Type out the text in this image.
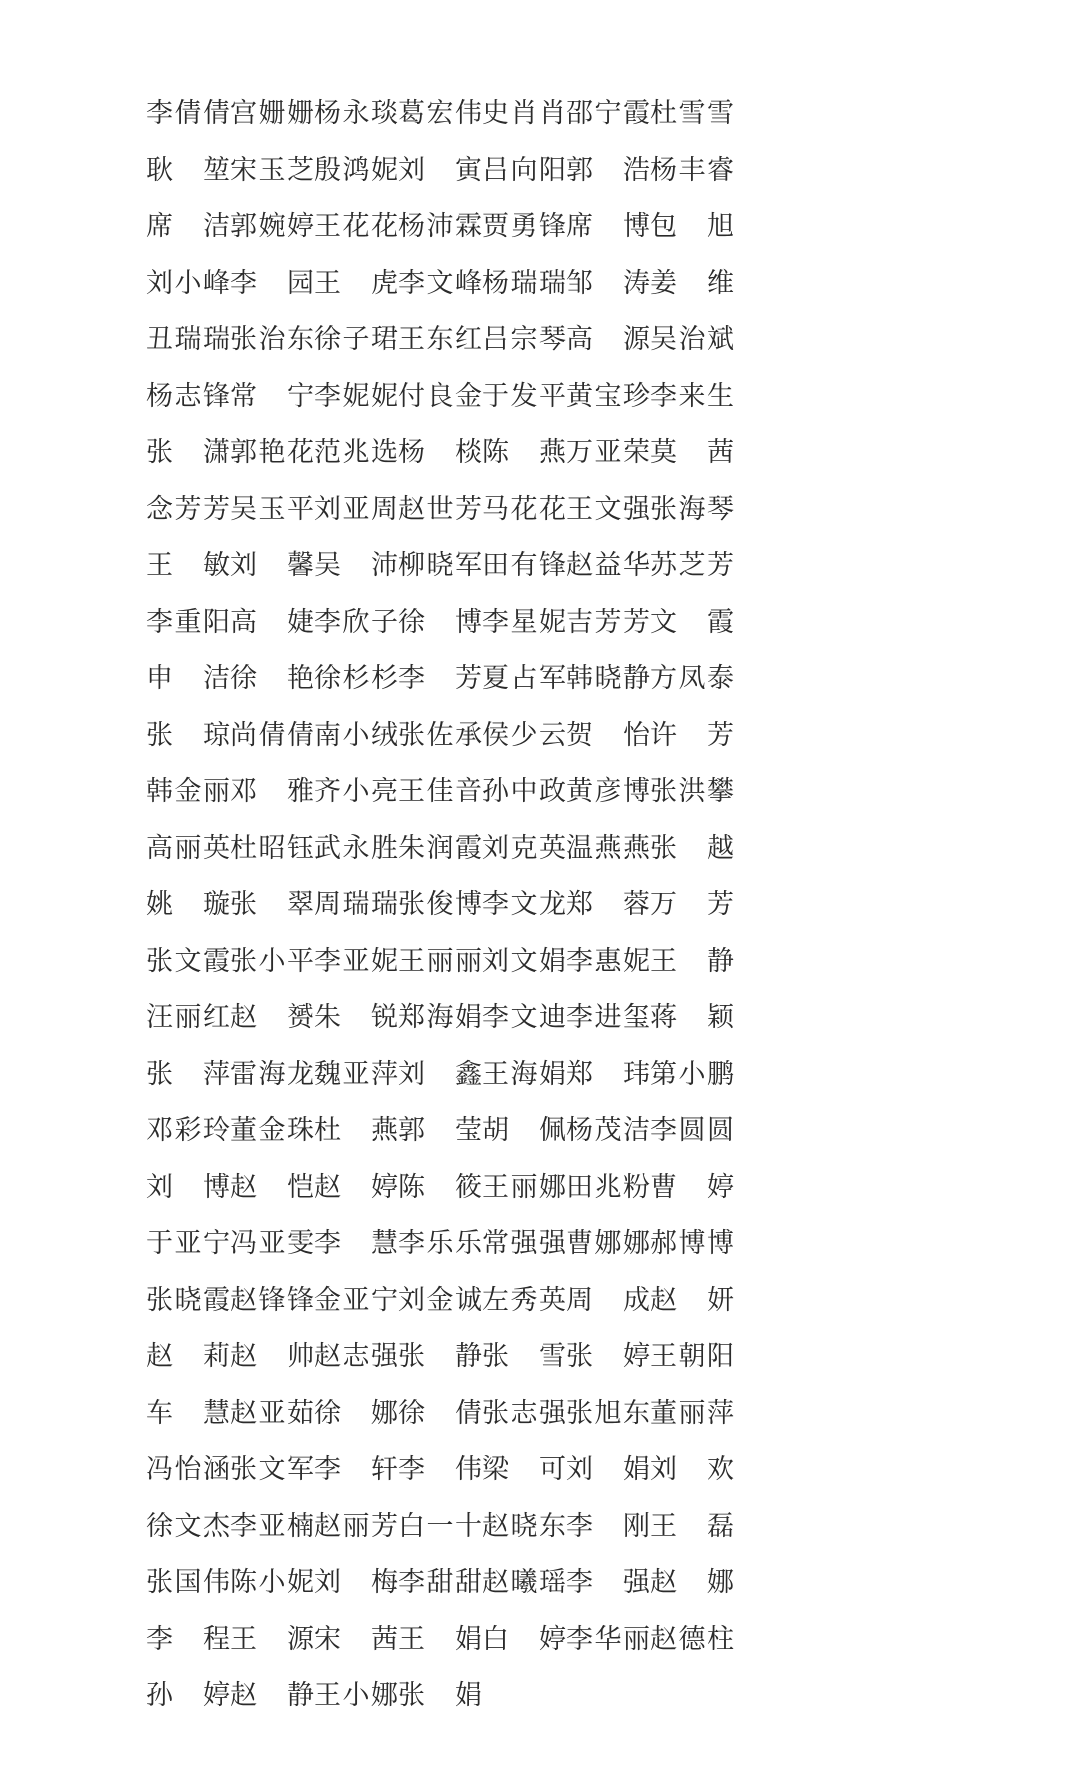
李 倩 倩 宫 姗 姗 杨 永 琰 葛 宏 伟 史 肖 肖 邵 宁 霞 杜 雪 雪
耿 堃 宋 玉 芝 殷 鸿 妮 刘 寅 吕 向 阳 郭 浩 杨 丰 睿
席 洁 郭 婉 婷 王 花 花 杨 沛 霖 贾 勇 锋 席 博 包 旭
刘 小 峰 李 园 王 虎 李 文 峰 杨 瑞 瑞 邹 涛 姜 维
丑 瑞 瑞 张 治 东 徐 子 珺 王 东 红 吕 宗 琴 高 源 吴 治 斌
杨 志 锋 常 宁 李 妮 妮 付 良 金 于 发 平 黄 宝 珍 李 来 生
张 潇 郭 艳 花 范 兆 选 杨 棪 陈 燕 万 亚 荣 莫 茜
念 芳 芳 吴 玉 平 刘 亚 周 赵 世 芳 马 花 花 王 文 强 张 海 琴
王 敏 刘 馨 吴 沛 柳 晓 军 田 有 锋 赵 益 华 苏 芝 芳
李 重 阳 高 婕 李 欣 子 徐 博 李 星 妮 吉 芳 芳 文 霞
申 洁 徐 艳 徐 杉 杉 李 芳 夏 占 军 韩 晓 静 方 凤 泰
张 琼 尚 倩 倩 南 小 绒 张 佐 承 侯 少 云 贺 怡 许 芳
韩 金 丽 邓 雅 齐 小 亮 王 佳 音 孙 中 政 黄 彦 博 张 洪 攀
高 丽 英 杜 昭 钰 武 永 胜 朱 润 霞 刘 克 英 温 燕 燕 张 越
姚 璇 张 翠 周 瑞 瑞 张 俊 博 李 文 龙 郑 蓉 万 芳
张 文 霞 张 小 平 李 亚 妮 王 丽 丽 刘 文 娟 李 惠 妮 王 静
汪 丽 红 赵 赟 朱 锐 郑 海 娟 李 文 迪 李 进 玺 蒋 颖
张 萍 雷 海 龙 魏 亚 萍 刘 鑫 王 海 娟 郑 玮 第 小 鹏
邓 彩 玲 董 金 珠 杜 燕 郭 莹 胡 佩 杨 茂 洁 李 圆 圆
刘 博 赵 恺 赵 婷 陈 筱 王 丽 娜 田 兆 粉 曹 婷
于 亚 宁 冯 亚 雯 李 慧 李 乐 乐 常 强 强 曹 娜 娜 郝 博 博
张 晓 霞 赵 锋 锋 金 亚 宁 刘 金 诚 左 秀 英 周 成 赵 妍
赵 莉 赵 帅 赵 志 强 张 静 张 雪 张 婷 王 朝 阳
车 慧 赵 亚 茹 徐 娜 徐 倩 张 志 强 张 旭 东 董 丽 萍
冯 怡 涵 张 文 军 李 轩 李 伟 梁 可 刘 娟 刘 欢
徐 文 杰 李 亚 楠 赵 丽 芳 白 一 十 赵 晓 东 李 刚 王 磊
张 国 伟 陈 小 妮 刘 梅 李 甜 甜 赵 曦 瑶 李 强 赵 娜
李 程 王 源 宋 茜 王 娟 白 婷 李 华 丽 赵 德 柱
孙 婷 赵 静 王 小 娜 张 娟
